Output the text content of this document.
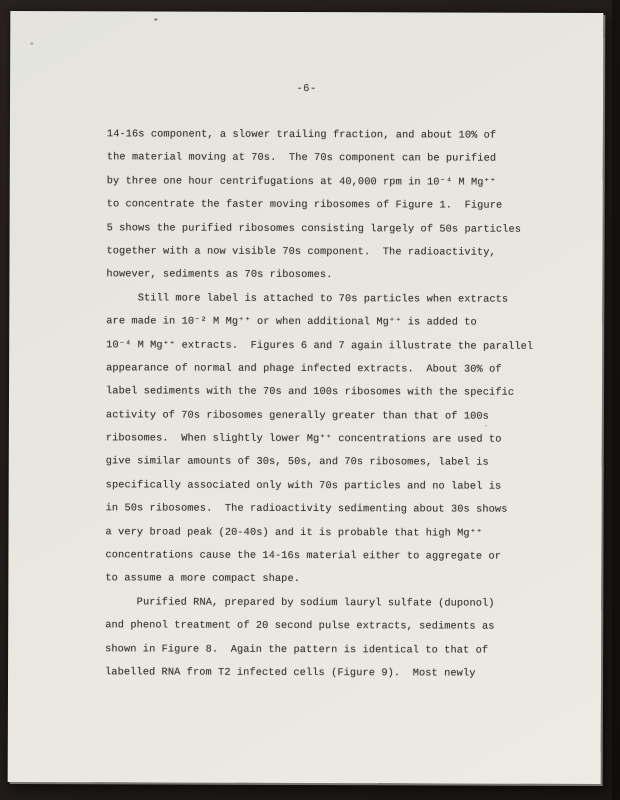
-6-
14-16s component, a slower trailing fraction, and about 10% of
the material moving at 70s.  The 70s component can be purified
by three one hour centrifugations at 40,000 rpm in 10⁻⁴ M Mg⁺⁺
to concentrate the faster moving ribosomes of Figure 1.  Figure
5 shows the purified ribosomes consisting largely of 50s particles
together with a now visible 70s component.  The radioactivity,
however, sediments as 70s ribosomes.
Still more label is attached to 70s particles when extracts
are made in 10⁻² M Mg⁺⁺ or when additional Mg⁺⁺ is added to
10⁻⁴ M Mg⁺⁺ extracts.  Figures 6 and 7 again illustrate the parallel
appearance of normal and phage infected extracts.  About 30% of
label sediments with the 70s and 100s ribosomes with the specific
activity of 70s ribosomes generally greater than that of 100s
ribosomes.  When slightly lower Mg⁺⁺ concentrations are used to
give similar amounts of 30s, 50s, and 70s ribosomes, label is
specifically associated only with 70s particles and no label is
in 50s ribosomes.  The radioactivity sedimenting about 30s shows
a very broad peak (20-40s) and it is probable that high Mg⁺⁺
concentrations cause the 14-16s material either to aggregate or
to assume a more compact shape.
Purified RNA, prepared by sodium lauryl sulfate (duponol)
and phenol treatment of 20 second pulse extracts, sediments as
shown in Figure 8.  Again the pattern is identical to that of
labelled RNA from T2 infected cells (Figure 9).  Most newly
